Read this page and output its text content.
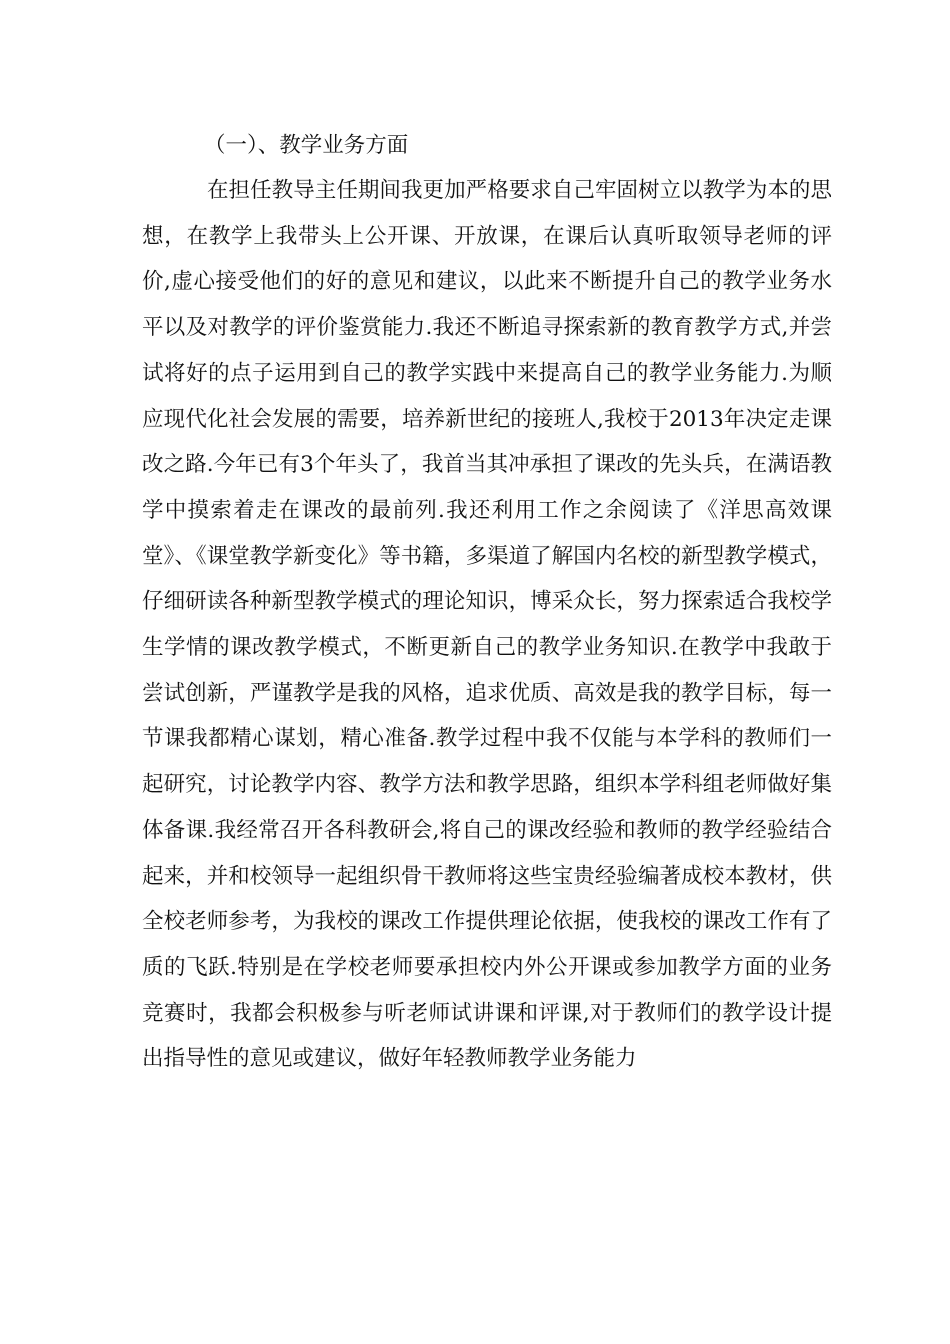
（一）、教学业务方面

在担任教导主任期间我更加严格要求自己牢固树立以教学为本的思想，在教学上我带头上公开课、开放课，在课后认真听取领导老师的评价,虚心接受他们的好的意见和建议，以此来不断提升自己的教学业务水平以及对教学的评价鉴赏能力.我还不断追寻探索新的教育教学方式,并尝试将好的点子运用到自己的教学实践中来提高自己的教学业务能力.为顺应现代化社会发展的需要，培养新世纪的接班人,我校于2013年决定走课改之路.今年已有3个年头了，我首当其冲承担了课改的先头兵，在满语教学中摸索着走在课改的最前列.我还利用工作之余阅读了《洋思高效课堂》、《课堂教学新变化》等书籍，多渠道了解国内名校的新型教学模式，仔细研读各种新型教学模式的理论知识，博采众长，努力探索适合我校学生学情的课改教学模式，不断更新自己的教学业务知识.在教学中我敢于尝试创新，严谨教学是我的风格，追求优质、高效是我的教学目标，每一节课我都精心谋划，精心准备.教学过程中我不仅能与本学科的教师们一起研究，讨论教学内容、教学方法和教学思路，组织本学科组老师做好集体备课.我经常召开各科教研会,将自己的课改经验和教师的教学经验结合起来，并和校领导一起组织骨干教师将这些宝贵经验编著成校本教材，供全校老师参考，为我校的课改工作提供理论依据，使我校的课改工作有了质的飞跃.特别是在学校老师要承担校内外公开课或参加教学方面的业务竞赛时，我都会积极参与听老师试讲课和评课,对于教师们的教学设计提出指导性的意见或建议，做好年轻教师教学业务能力
